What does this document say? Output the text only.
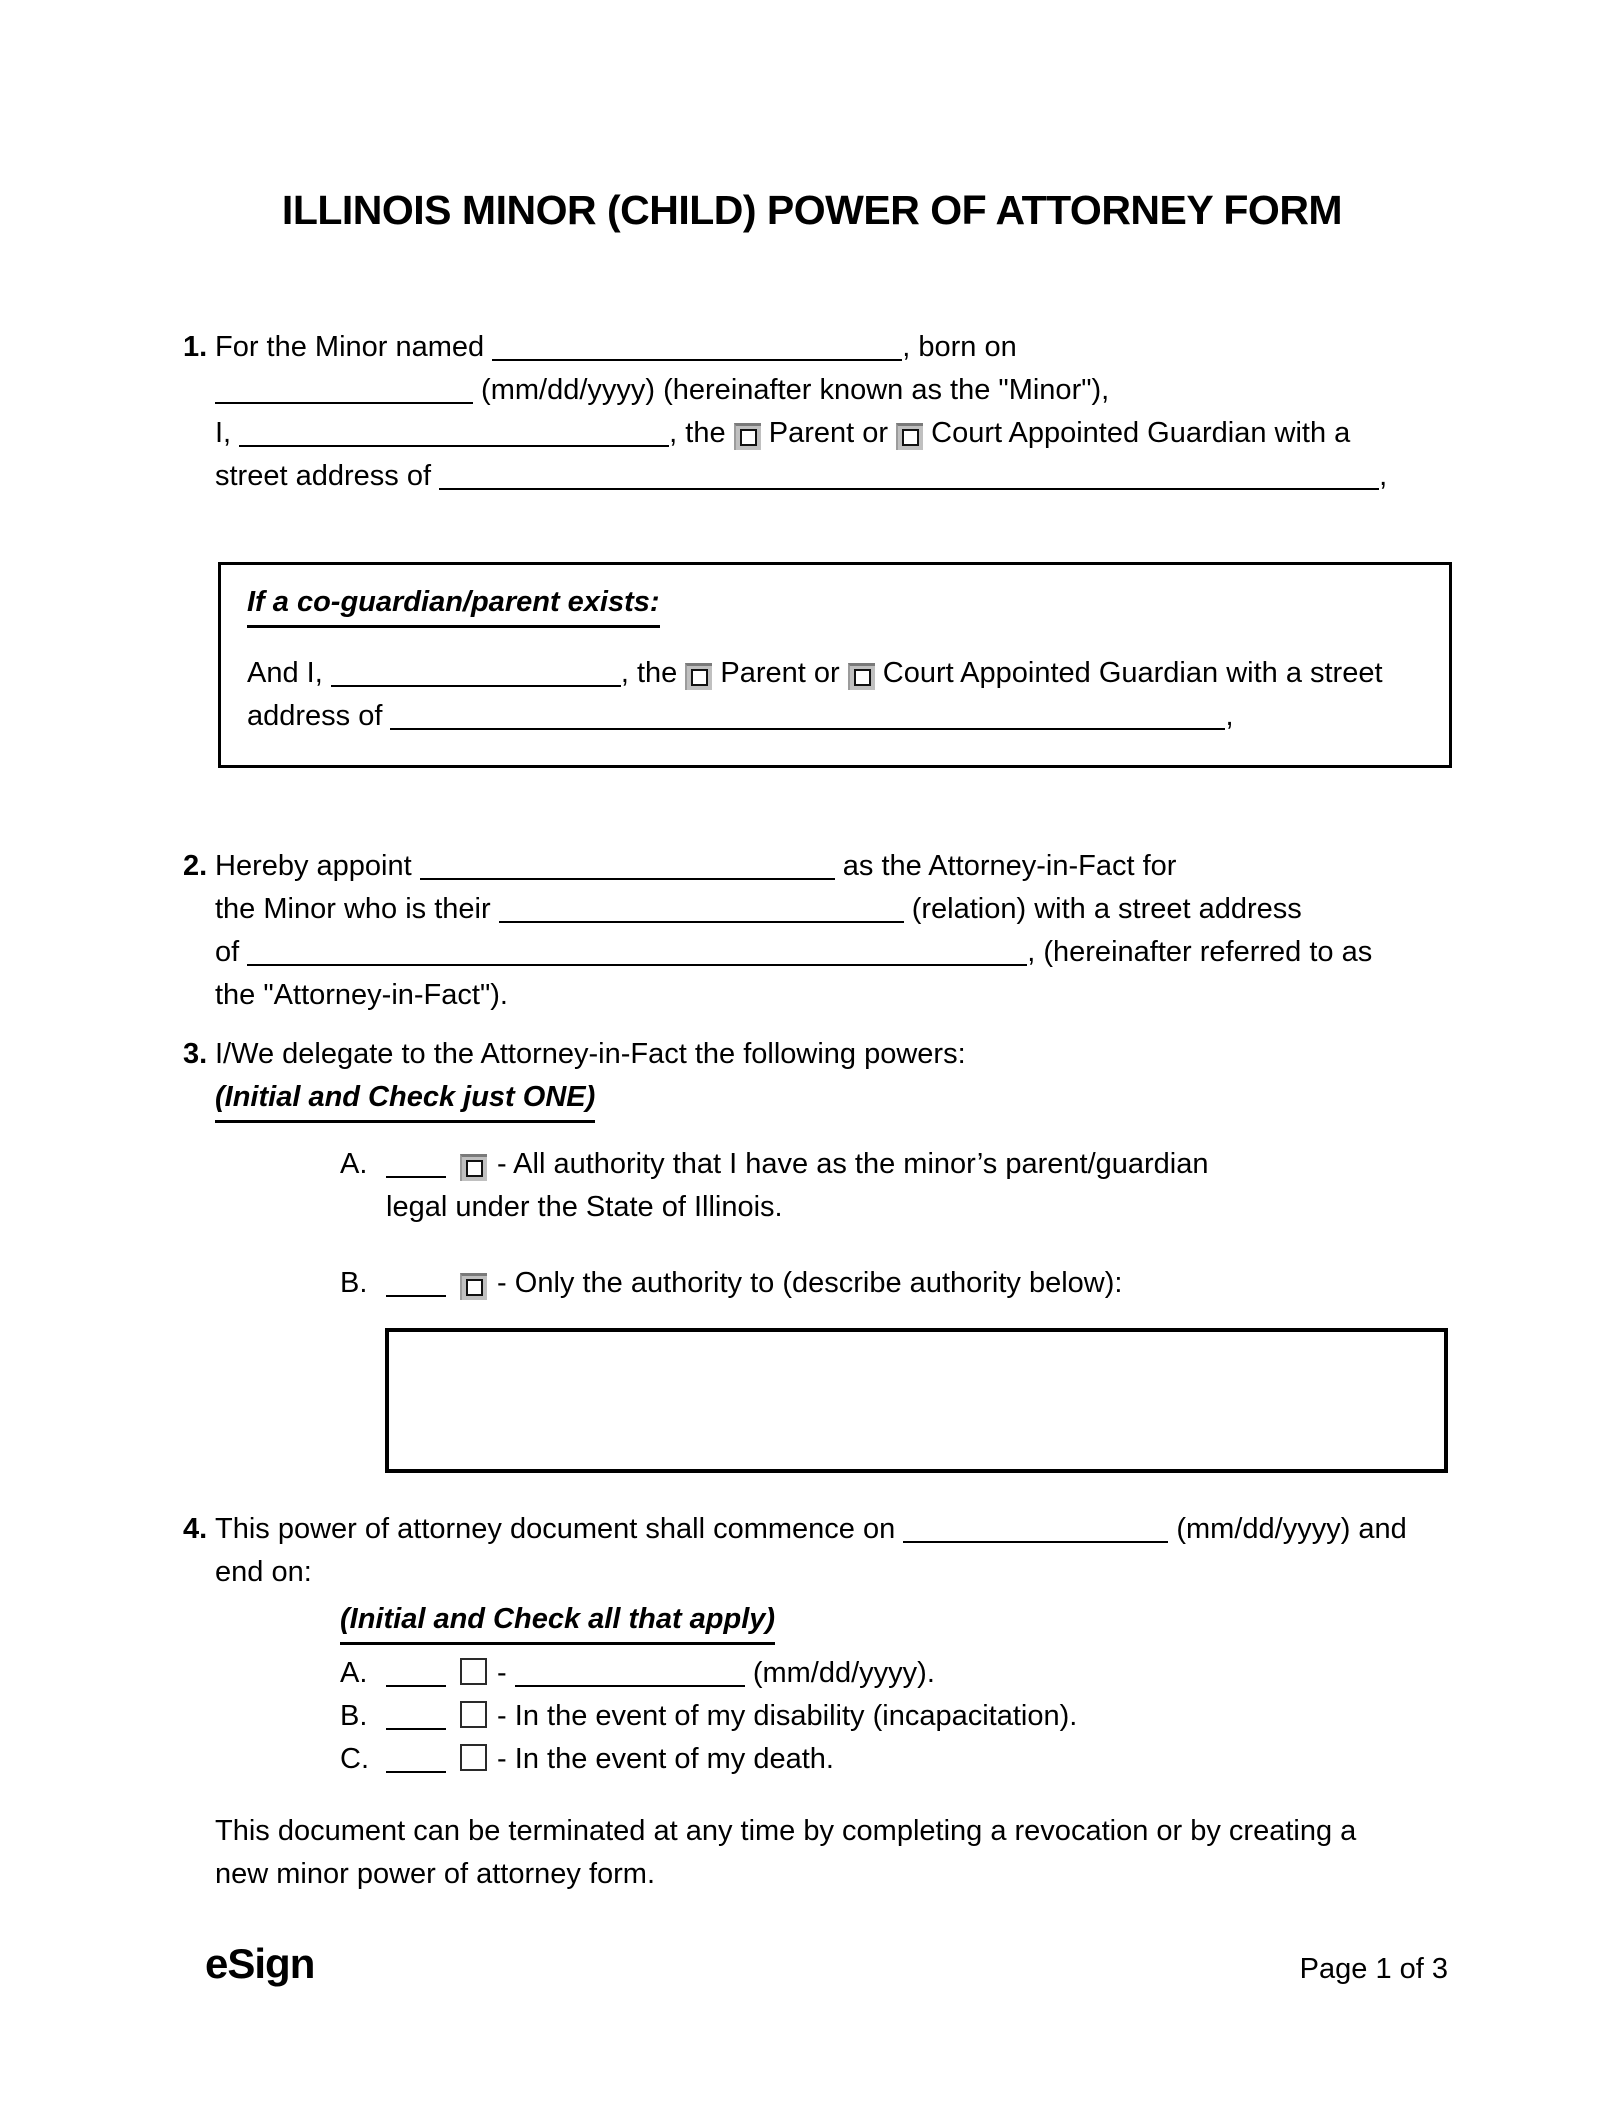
ILLINOIS MINOR (CHILD) POWER OF ATTORNEY FORM
1. For the Minor named	, born on
(mm/dd/yyyy) (hereinafter known as the "Minor"),
I,	, the  Parent or  Court Appointed Guardian with a
street address of	,
If a co-guardian/parent exists:
And I,	, the  Parent or  Court Appointed Guardian with a street
address of	,
2. Hereby appoint	as the Attorney-in-Fact for
the Minor who is their	(relation) with a street address
of	, (hereinafter referred to as
the "Attorney-in-Fact").
3. I/We delegate to the Attorney-in-Fact the following powers:
(Initial and Check just ONE)
A.	- All authority that I have as the minor’s parent/guardian
legal under the State of Illinois.
B.	- Only the authority to (describe authority below):
4. This power of attorney document shall commence on	(mm/dd/yyyy) and
end on:
(Initial and Check all that apply)
A.	-	(mm/dd/yyyy).
B.	- In the event of my disability (incapacitation).
C.	- In the event of my death.
This document can be terminated at any time by completing a revocation or by creating a
new minor power of attorney form.
eSign	Page 1 of 3
